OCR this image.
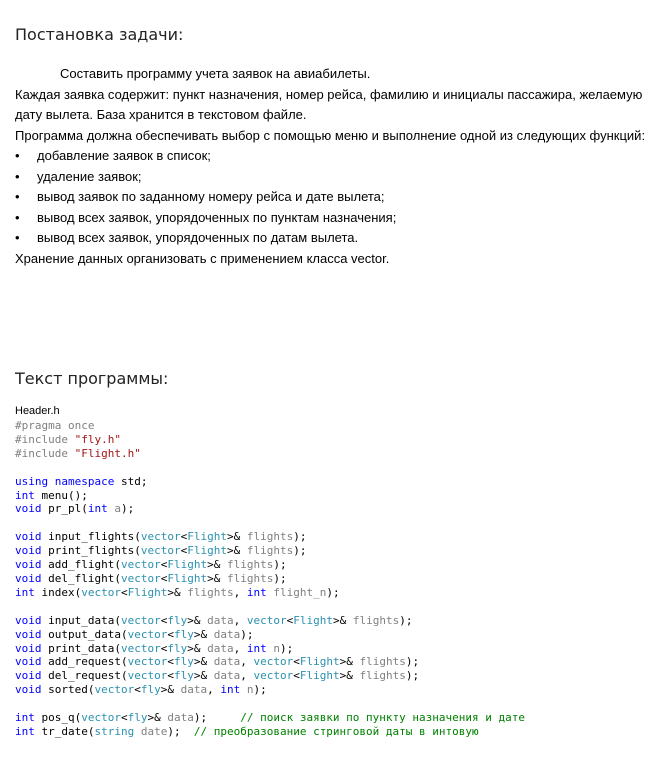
Постановка задачи:

Составить программу учета заявок на авиабилеты.

Каждая заявка содержит: пункт назначения, номер рейса, фамилию и инициалы пассажира, желаемую дату вылета. База хранится в текстовом файле.

Программа должна обеспечивать выбор с помощью меню и выполнение одной из следующих функций:

• добавление заявок в список;
• удаление заявок;
• вывод заявок по заданному номеру рейса и дате вылета;
• вывод всех заявок, упорядоченных по пунктам назначения;
• вывод всех заявок, упорядоченных по датам вылета.

Хранение данных организовать с применением класса vector.

Текст программы:
Header.h
#pragma once
#include "fly.h"
#include "Flight.h"

using namespace std;
int menu();
void pr_pl(int a);

void input_flights(vector<Flight>& flights);
void print_flights(vector<Flight>& flights);
void add_flight(vector<Flight>& flights);
void del_flight(vector<Flight>& flights);
int index(vector<Flight>& flights, int flight_n);

void input_data(vector<fly>& data, vector<Flight>& flights);
void output_data(vector<fly>& data);
void print_data(vector<fly>& data, int n);
void add_request(vector<fly>& data, vector<Flight>& flights);
void del_request(vector<fly>& data, vector<Flight>& flights);
void sorted(vector<fly>& data, int n);

int pos_q(vector<fly>& data);     // поиск заявки по пункту назначения и дате
int tr_date(string date);  // преобразование стринговой даты в интовую
